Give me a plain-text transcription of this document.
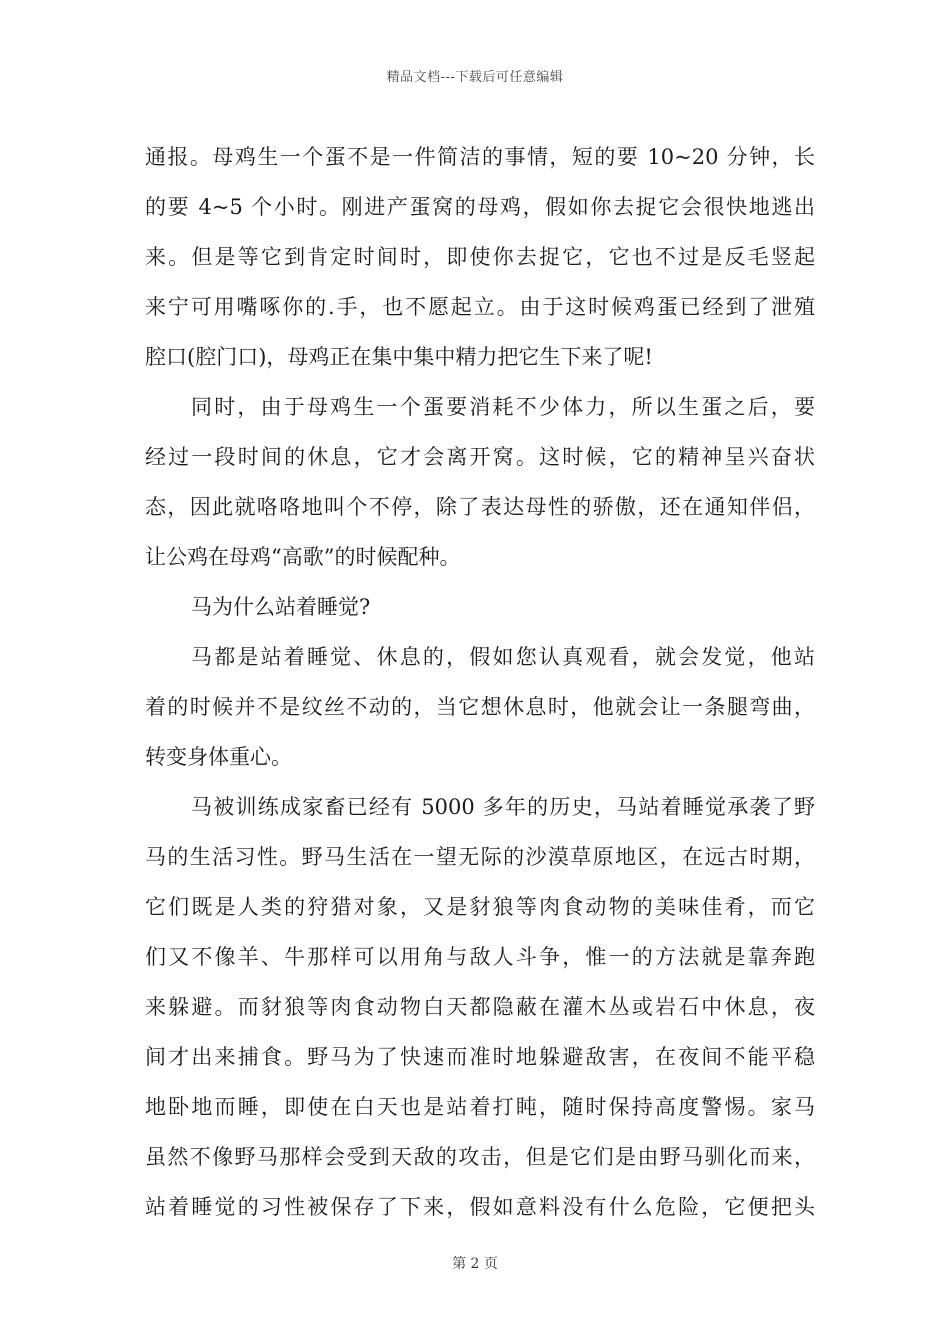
精品文档---下载后可任意编辑
通报。母鸡生一个蛋不是一件简洁的事情，短的要 10~20 分钟，长
的要 4~5 个小时。刚进产蛋窝的母鸡，假如你去捉它会很快地逃出
来。但是等它到肯定时间时，即使你去捉它，它也不过是反毛竖起
来宁可用嘴啄你的.手，也不愿起立。由于这时候鸡蛋已经到了泄殖
腔口(腔门口)，母鸡正在集中集中精力把它生下来了呢!
同时，由于母鸡生一个蛋要消耗不少体力，所以生蛋之后，要
经过一段时间的休息，它才会离开窝。这时候，它的精神呈兴奋状
态，因此就咯咯地叫个不停，除了表达母性的骄傲，还在通知伴侣，
让公鸡在母鸡“高歌”的时候配种。
马为什么站着睡觉?
马都是站着睡觉、休息的，假如您认真观看，就会发觉，他站
着的时候并不是纹丝不动的，当它想休息时，他就会让一条腿弯曲，
转变身体重心。
马被训练成家畜已经有 5000 多年的历史，马站着睡觉承袭了野
马的生活习性。野马生活在一望无际的沙漠草原地区，在远古时期，
它们既是人类的狩猎对象，又是豺狼等肉食动物的美味佳肴，而它
们又不像羊、牛那样可以用角与敌人斗争，惟一的方法就是靠奔跑
来躲避。而豺狼等肉食动物白天都隐蔽在灌木丛或岩石中休息，夜
间才出来捕食。野马为了快速而准时地躲避敌害，在夜间不能平稳
地卧地而睡，即使在白天也是站着打盹，随时保持高度警惕。家马
虽然不像野马那样会受到天敌的攻击，但是它们是由野马驯化而来，
站着睡觉的习性被保存了下来，假如意料没有什么危险，它便把头
第 2 页
